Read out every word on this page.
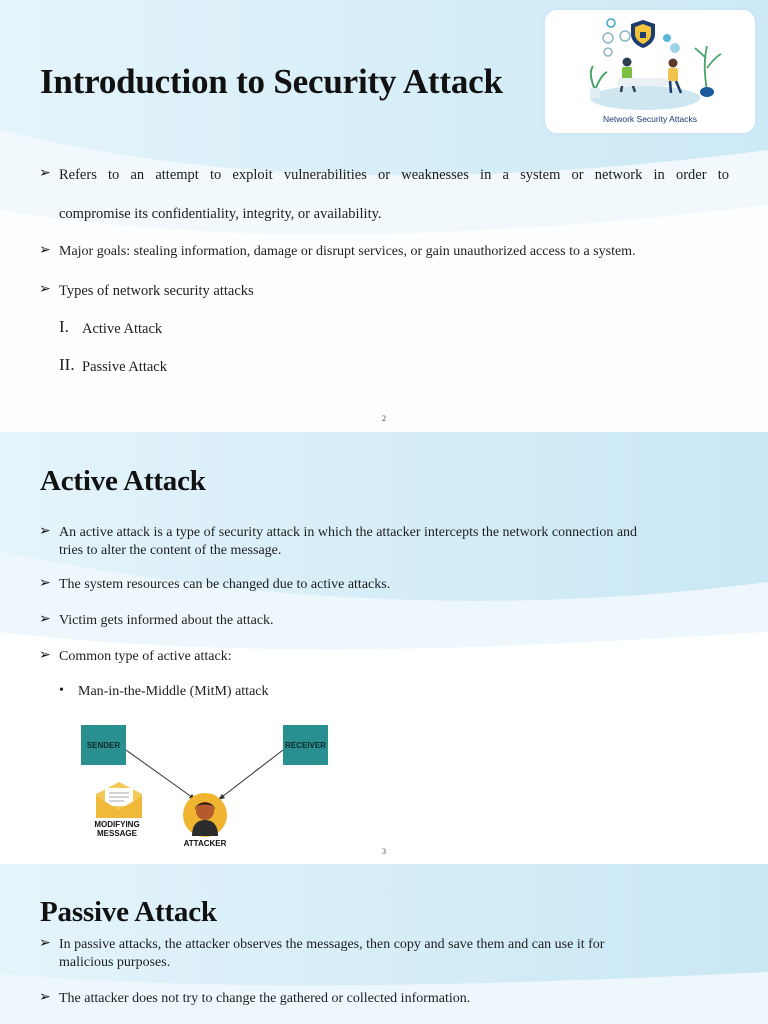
Introduction to Security Attack
Network Security Attacks
➢ Refers to an attempt to exploit vulnerabilities or weaknesses in a system or network in order to
compromise its confidentiality, integrity, or availability.
➢ Major goals: stealing information, damage or disrupt services, or gain unauthorized access to a system.
➢ Types of network security attacks
I. Active Attack
II. Passive Attack
2
Active Attack
➢ An active attack is a type of security attack in which the attacker intercepts the network connection and
tries to alter the content of the message.
➢ The system resources can be changed due to active attacks.
➢ Victim gets informed about the attack.
➢ Common type of active attack:
• Man-in-the-Middle (MitM) attack
SENDER	RECEIVER
MODIFYING
MESSAGE
ATTACKER
3
Passive Attack
➢ In passive attacks, the attacker observes the messages, then copy and save them and can use it for
malicious purposes.
➢ The attacker does not try to change the gathered or collected information.
